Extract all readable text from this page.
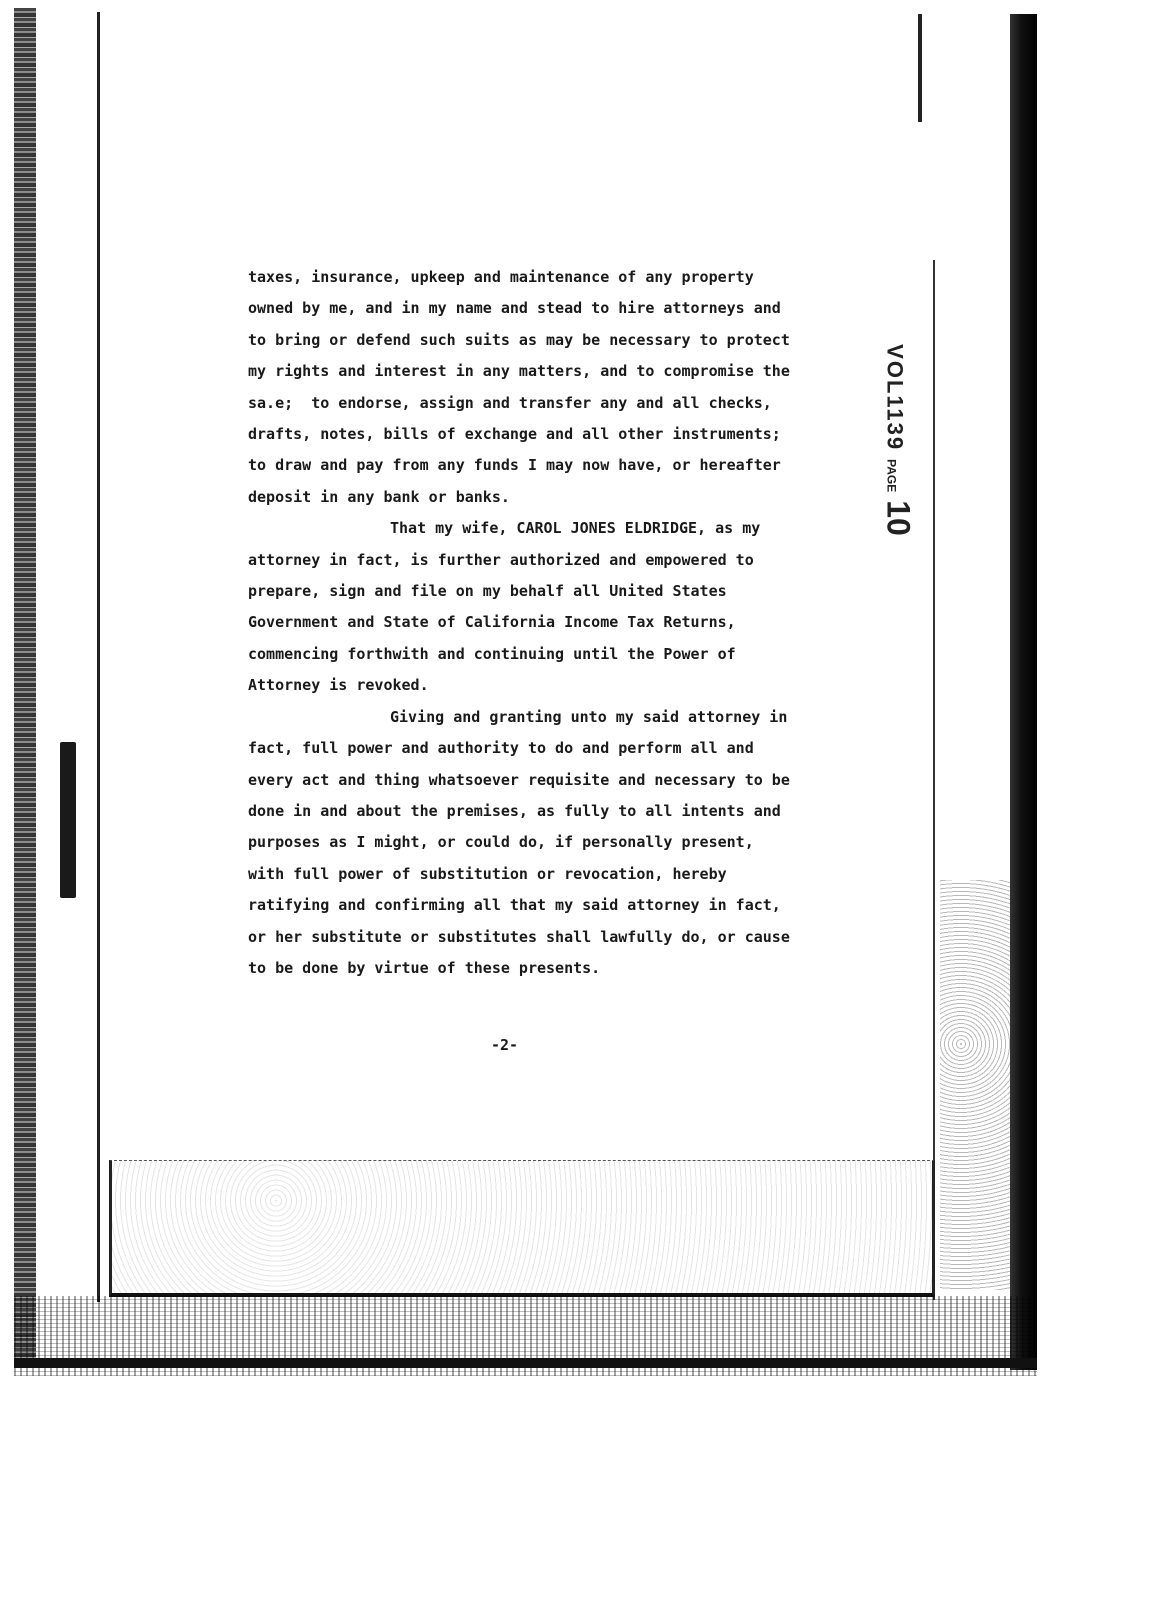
taxes, insurance, upkeep and maintenance of any property

owned by me, and in my name and stead to hire attorneys and

to bring or defend such suits as may be necessary to protect

my rights and interest in any matters, and to compromise the

sa.e;  to endorse, assign and transfer any and all checks,

drafts, notes, bills of exchange and all other instruments;

to draw and pay from any funds I may now have, or hereafter

deposit in any bank or banks.

That my wife, CAROL JONES ELDRIDGE, as my

attorney in fact, is further authorized and empowered to

prepare, sign and file on my behalf all United States

Government and State of California Income Tax Returns,

commencing forthwith and continuing until the Power of

Attorney is revoked.

Giving and granting unto my said attorney in

fact, full power and authority to do and perform all and

every act and thing whatsoever requisite and necessary to be

done in and about the premises, as fully to all intents and

purposes as I might, or could do, if personally present,

with full power of substitution or revocation, hereby

ratifying and confirming all that my said attorney in fact,

or her substitute or substitutes shall lawfully do, or cause

to be done by virtue of these presents.

-2-
VOL1139PAGE10
